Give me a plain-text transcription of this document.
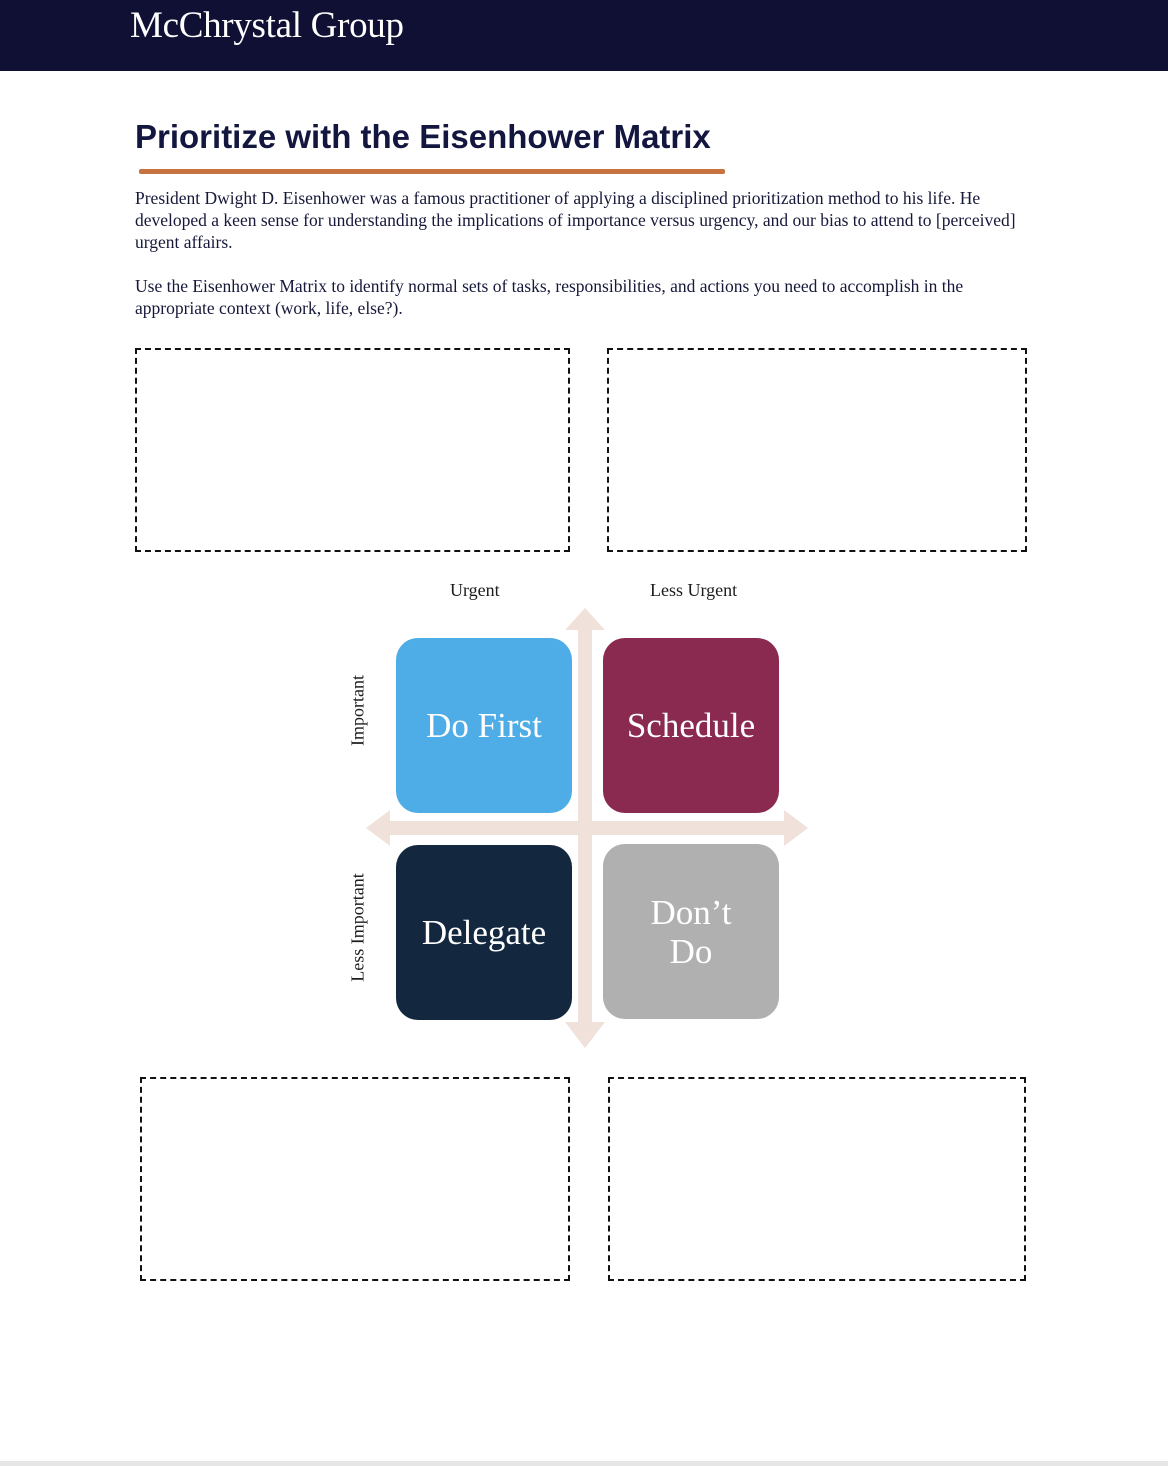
McChrystal Group
Prioritize with the Eisenhower Matrix

President Dwight D. Eisenhower was a famous practitioner of applying a disciplined prioritization method to his life. He developed a keen sense for understanding the implications of importance versus urgency, and our bias to attend to [perceived] urgent affairs.

Use the Eisenhower Matrix to identify normal sets of tasks, responsibilities, and actions you need to accomplish in the appropriate context (work, life, else?).

Urgent	Less Urgent
Important
Less Important
Do First Schedule
Delegate
Don’t
Do
